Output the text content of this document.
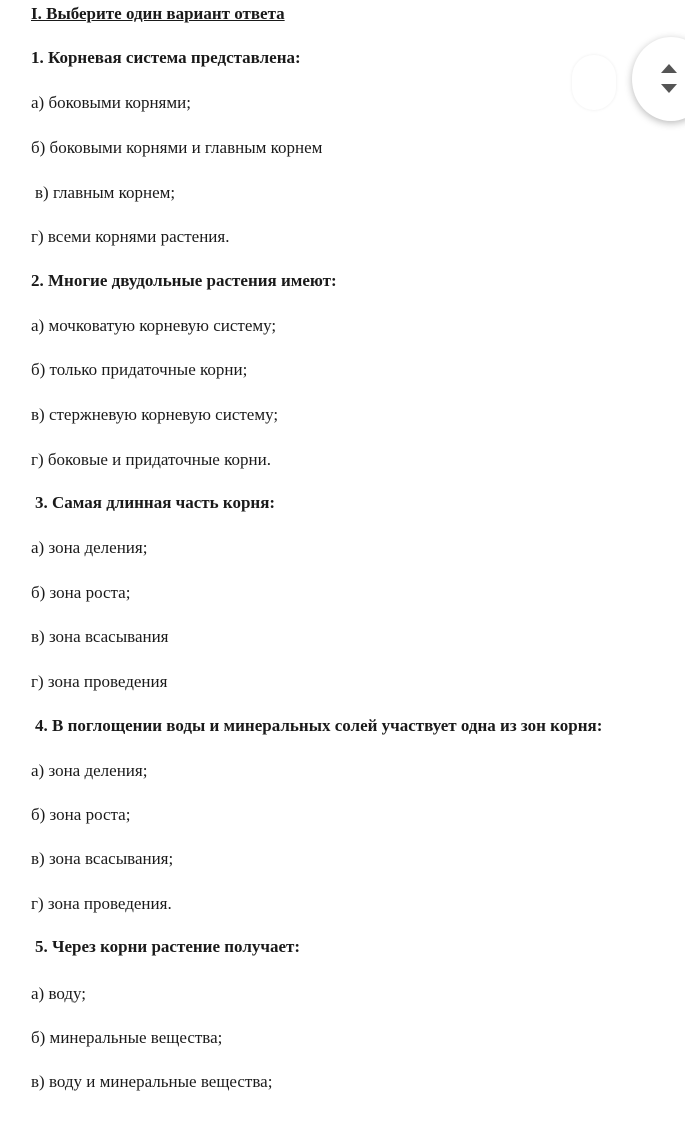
I. Выберите один вариант ответа
1. Корневая система представлена:
а) боковыми корнями;
б) боковыми корнями и главным корнем
в) главным корнем;
г) всеми корнями растения.
2. Многие двудольные растения имеют:
а) мочковатую корневую систему;
б) только придаточные корни;
в) стержневую корневую систему;
г) боковые и придаточные корни.
3. Самая длинная часть корня:
а) зона деления;
б) зона роста;
в) зона всасывания
г) зона проведения
4. В поглощении воды и минеральных солей участвует одна из зон корня:
а) зона деления;
б) зона роста;
в) зона всасывания;
г) зона проведения.
5. Через корни растение получает:
а) воду;
б) минеральные вещества;
в) воду и минеральные вещества;
